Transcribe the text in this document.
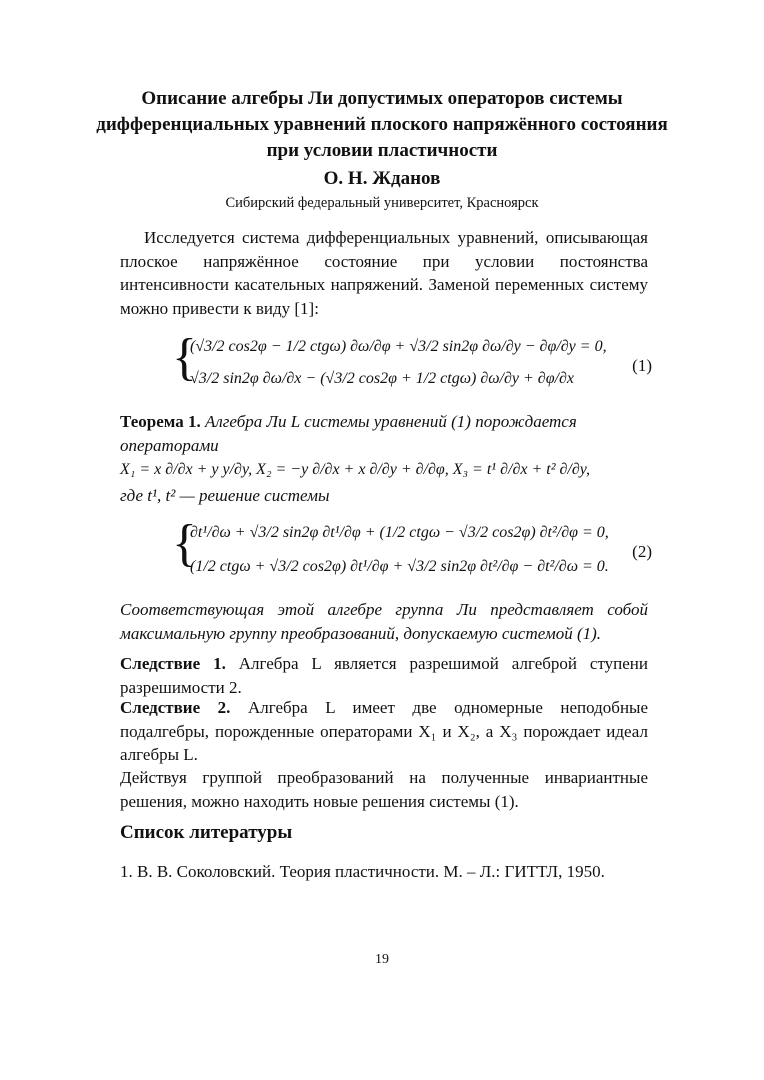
Описание алгебры Ли допустимых операторов системы дифференциальных уравнений плоского напряжённого состояния при условии пластичности
О. Н. Жданов
Сибирский федеральный университет, Красноярск
Исследуется система дифференциальных уравнений, описывающая плоское напряжённое состояние при условии постоянства интенсивности касательных напряжений. Заменой переменных систему можно привести к виду [1]:
{
(√3/2 cos2φ − 1/2 ctgω) ∂ω/∂φ + √3/2 sin2φ ∂ω/∂y − ∂φ/∂y = 0,
√3/2 sin2φ ∂ω/∂x − (√3/2 cos2φ + 1/2 ctgω) ∂ω/∂y + ∂φ/∂x
(1)
Теорема 1. Алгебра Ли L системы уравнений (1) порождается операторами
X₁ = x ∂/∂x + y y/∂y, X₂ = −y ∂/∂x + x ∂/∂y + ∂/∂φ, X₃ = t¹ ∂/∂x + t² ∂/∂y,
где t¹, t² — решение системы
{
∂t¹/∂ω + √3/2 sin2φ ∂t¹/∂φ + (1/2 ctgω − √3/2 cos2φ) ∂t²/∂φ = 0,
(1/2 ctgω + √3/2 cos2φ) ∂t¹/∂φ + √3/2 sin2φ ∂t²/∂φ − ∂t²/∂ω = 0.
(2)
Соответствующая этой алгебре группа Ли представляет собой максимальную группу преобразований, допускаемую системой (1).
Следствие 1. Алгебра L является разрешимой алгеброй ступени разрешимости 2.
Следствие 2. Алгебра L имеет две одномерные неподобные подалгебры, порожденные операторами X₁ и X₂, а X₃ порождает идеал алгебры L.
Действуя группой преобразований на полученные инвариантные решения, можно находить новые решения системы (1).
Список литературы
1. В. В. Соколовский. Теория пластичности. М. – Л.: ГИТТЛ, 1950.
19
